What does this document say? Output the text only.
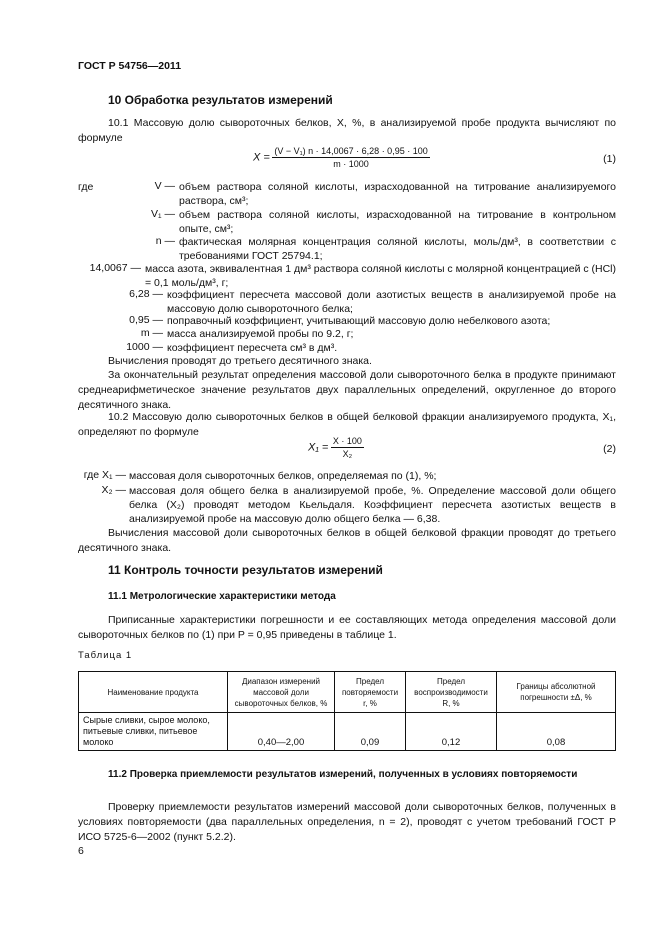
ГОСТ Р 54756—2011
10 Обработка результатов измерений
10.1 Массовую долю сывороточных белков, X, %, в анализируемой пробе продукта вычисляют по формуле
$X = \frac{\text{(V − V₁) n · 14,0067 · 6,28 · 0,95 · 100}}{m \cdot 1000}$	(1)
где	V — объем раствора соляной кислоты, израсходованной на титрование анализируемого раствора, см³;
V₁ — объем раствора соляной кислоты, израсходованной на титрование в контрольном опыте, см³;
n — фактическая молярная концентрация соляной кислоты, моль/дм³, в соответствии с требованиями ГОСТ 25794.1;
14,0067 — масса азота, эквивалентная 1 дм³ раствора соляной кислоты с молярной концентрацией с (HCl) = 0,1 моль/дм³, г;
6,28 — коэффициент пересчета массовой доли азотистых веществ в анализируемой пробе на массовую долю сывороточного белка;
0,95 — поправочный коэффициент, учитывающий массовую долю небелкового азота;
m — масса анализируемой пробы по 9.2, г;
1000 — коэффициент пересчета см³ в дм³.
Вычисления проводят до третьего десятичного знака.
За окончательный результат определения массовой доли сывороточного белка в продукте принимают среднеарифметическое значение результатов двух параллельных определений, округленное до второго десятичного знака.
10.2 Массовую долю сывороточных белков в общей белковой фракции анализируемого продукта, X₁, определяют по формуле
$X_1 = \frac{X \cdot 100}{\text{X₂}}$	(2)
где X₁ — массовая доля сывороточных белков, определяемая по (1), %;
X₂ — массовая доля общего белка в анализируемой пробе, %. Определение массовой доли общего белка (X₂) проводят методом Кьельдаля. Коэффициент пересчета азотистых веществ в анализируемой пробе на массовую долю общего белка — 6,38.
Вычисления массовой доли сывороточных белков в общей белковой фракции проводят до третьего десятичного знака.
11 Контроль точности результатов измерений
11.1 Метрологические характеристики метода
Приписанные характеристики погрешности и ее составляющих метода определения массовой доли сывороточных белков по (1) при P = 0,95 приведены в таблице 1.
Таблица 1
Наименование продукта	Диапазон измерений массовой доли сывороточных белков, %	Предел повторяемости r, %	Предел воспроизводимости R, %	Границы абсолютной погрешности ±Δ, %
Сырые сливки, сырое молоко, питьевые сливки, питьевое молоко	0,40—2,00	0,09	0,12	0,08
11.2 Проверка приемлемости результатов измерений, полученных в условиях повторяемости
Проверку приемлемости результатов измерений массовой доли сывороточных белков, полученных в условиях повторяемости (два параллельных определения, n = 2), проводят с учетом требований ГОСТ Р ИСО 5725-6—2002 (пункт 5.2.2).
6
